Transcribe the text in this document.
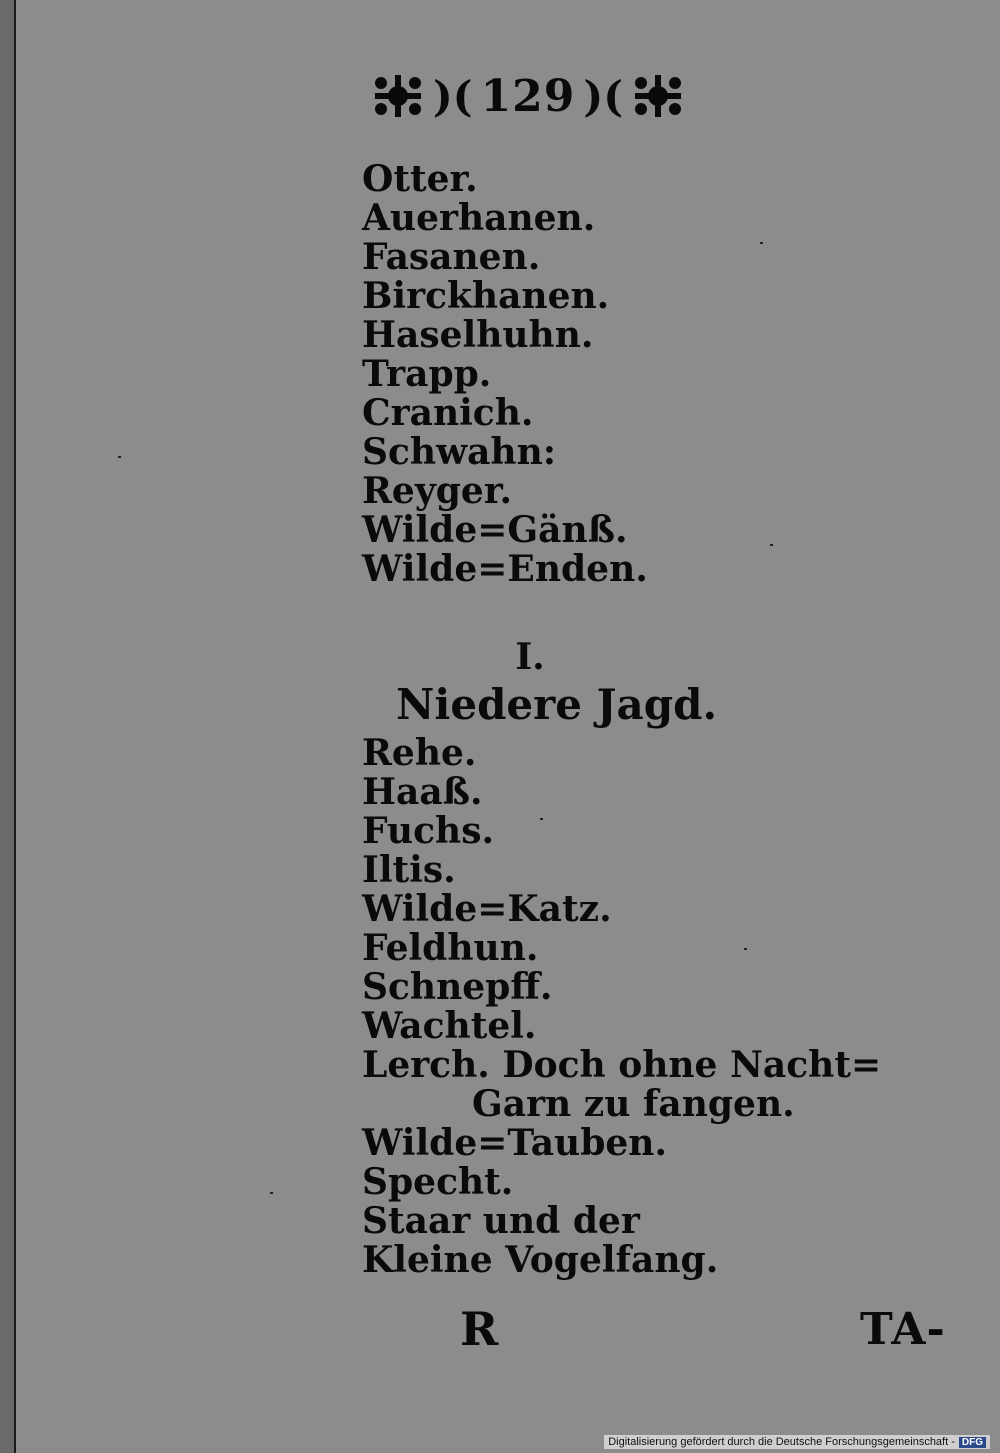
)( 129 )(
Otter.
Auerhanen.
Fasanen.
Birckhanen.
Haselhuhn.
Trapp.
Cranich.
Schwahn:
Reyger.
Wilde=Gänß.
Wilde=Enden.
I.
Niedere Jagd.
Rehe.
Haaß.
Fuchs.
Iltis.
Wilde=Katz.
Feldhun.
Schnepff.
Wachtel.
Lerch. Doch ohne Nacht=
Garn zu fangen.
Wilde=Tauben.
Specht.
Staar und der
Kleine Vogelfang.
R	TA-
Digitalisierung gefördert durch die Deutsche Forschungsgemeinschaft - DFG
